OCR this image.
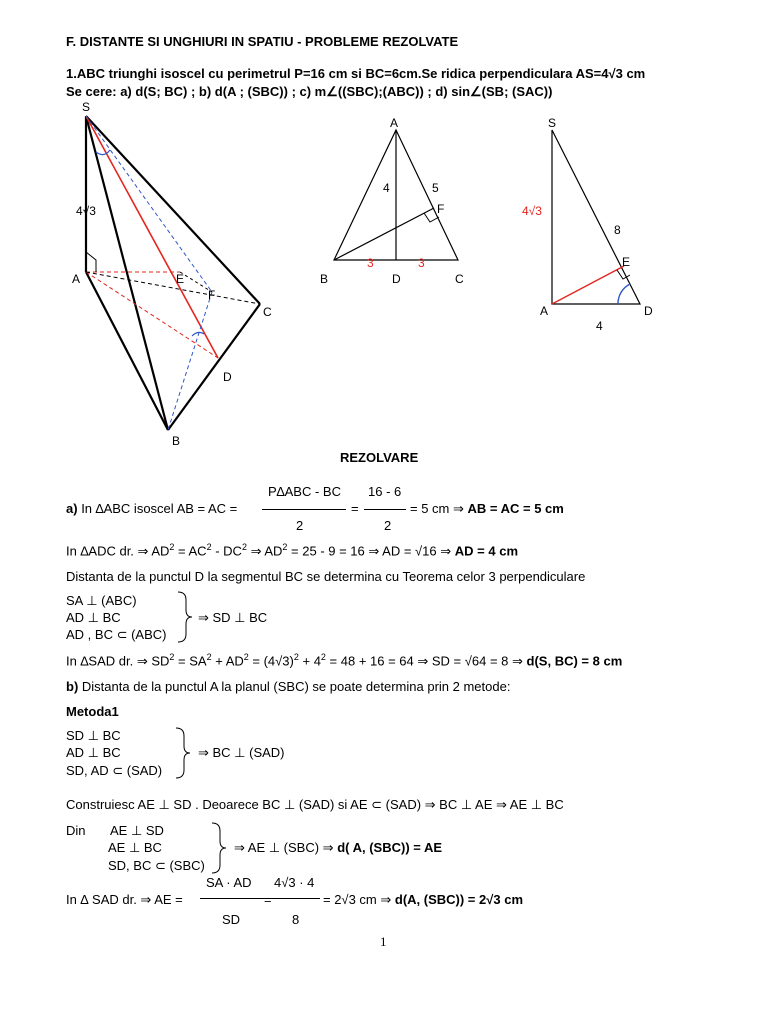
F. DISTANTE SI UNGHIURI IN SPATIU - PROBLEME REZOLVATE
1.ABC triunghi isoscel cu perimetrul P=16 cm si BC=6cm.Se ridica perpendiculara AS=4√3 cm
Se cere: a) d(S; BC) ; b) d(A ; (SBC)) ; c) m∠((SBC);(ABC)) ; d) sin∠(SB; (SAC))
S
4√3
A	E
F
C
D
B
A
4	5
F
3	3
B	D	C
S
4√3
8
E
A	D
4
REZOLVARE
P∆ABC - BC
2
16 - 6
2
a) In ∆ABC isoscel AB = AC =	=	= 5 cm ⇒ AB = AC = 5 cm
In ∆ADC dr. ⇒ $AD^2 = AC^2 - DC^2$ ⇒ $AD^2 = 25 - 9 = 16$ ⇒ AD = √16 ⇒ AD = 4 cm
Distanta de la punctul D la segmentul BC se determina cu Teorema celor 3 perpendiculare
SA ⊥ (ABC)
AD ⊥ BC
AD , BC ⊂ (ABC)
⇒ SD ⊥ BC
In ∆SAD dr. ⇒ $SD^2 = SA^2 + AD^2 = (4√3)^2 + 4^2 = 48 + 16 = 64$ ⇒ SD = √64 = 8 ⇒ d(S, BC) = 8 cm
b) Distanta de la punctul A la planul (SBC) se poate determina prin 2 metode:
Metoda1
SD ⊥ BC
AD ⊥ BC
SD, AD ⊂ (SAD)
⇒ BC ⊥ (SAD)
Construiesc AE ⊥ SD . Deoarece BC ⊥ (SAD) si AE ⊂ (SAD) ⇒ BC ⊥ AE ⇒ AE ⊥ BC
Din AE ⊥ SD
AE ⊥ BC
SD, BC ⊂ (SBC)
⇒ AE ⊥ (SBC) ⇒ d( A, (SBC)) = AE
SA · AD
SD
4√3 · 4
8
In ∆ SAD dr. ⇒ AE =	=	= 2√3 cm ⇒ d(A, (SBC)) = 2√3 cm
1
